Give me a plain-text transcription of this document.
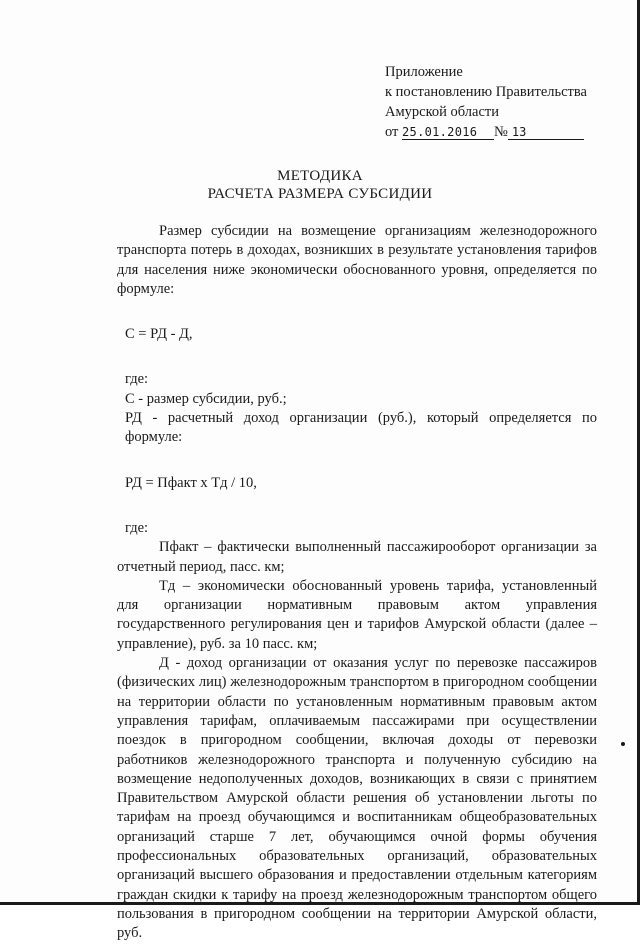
Приложение
к постановлению Правительства
Амурской области
от 25.01.2016 № 13
МЕТОДИКА
РАСЧЕТА РАЗМЕРА СУБСИДИИ

Размер субсидии на возмещение организациям железнодорожного транспорта потерь в доходах, возникших в результате установления тарифов для населения ниже экономически обоснованного уровня, определяется по формуле:

С = РД - Д,

где:

С - размер субсидии, руб.;

РД - расчетный доход организации (руб.), который определяется по формуле:

РД = Пфакт х Тд / 10,

где:

Пфакт – фактически выполненный пассажирооборот организации за отчетный период, пасс. км;

Тд – экономически обоснованный уровень тарифа, установленный для организации нормативным правовым актом управления государственного регулирования цен и тарифов Амурской области (далее – управление), руб. за 10 пасс. км;

Д - доход организации от оказания услуг по перевозке пассажиров (физических лиц) железнодорожным транспортом в пригородном сообщении на территории области по установленным нормативным правовым актом управления тарифам, оплачиваемым пассажирами при осуществлении поездок в пригородном сообщении, включая доходы от перевозки работников железнодорожного транспорта и полученную субсидию на возмещение недополученных доходов, возникающих в связи с принятием Правительством Амурской области решения об установлении льготы по тарифам на проезд обучающимся и воспитанникам общеобразовательных организаций старше 7 лет, обучающимся очной формы обучения профессиональных образовательных организаций, образовательных организаций высшего образования и предоставлении отдельным категориям граждан скидки к тарифу на проезд железнодорожным транспортом общего пользования в пригородном сообщении на территории Амурской области, руб.
